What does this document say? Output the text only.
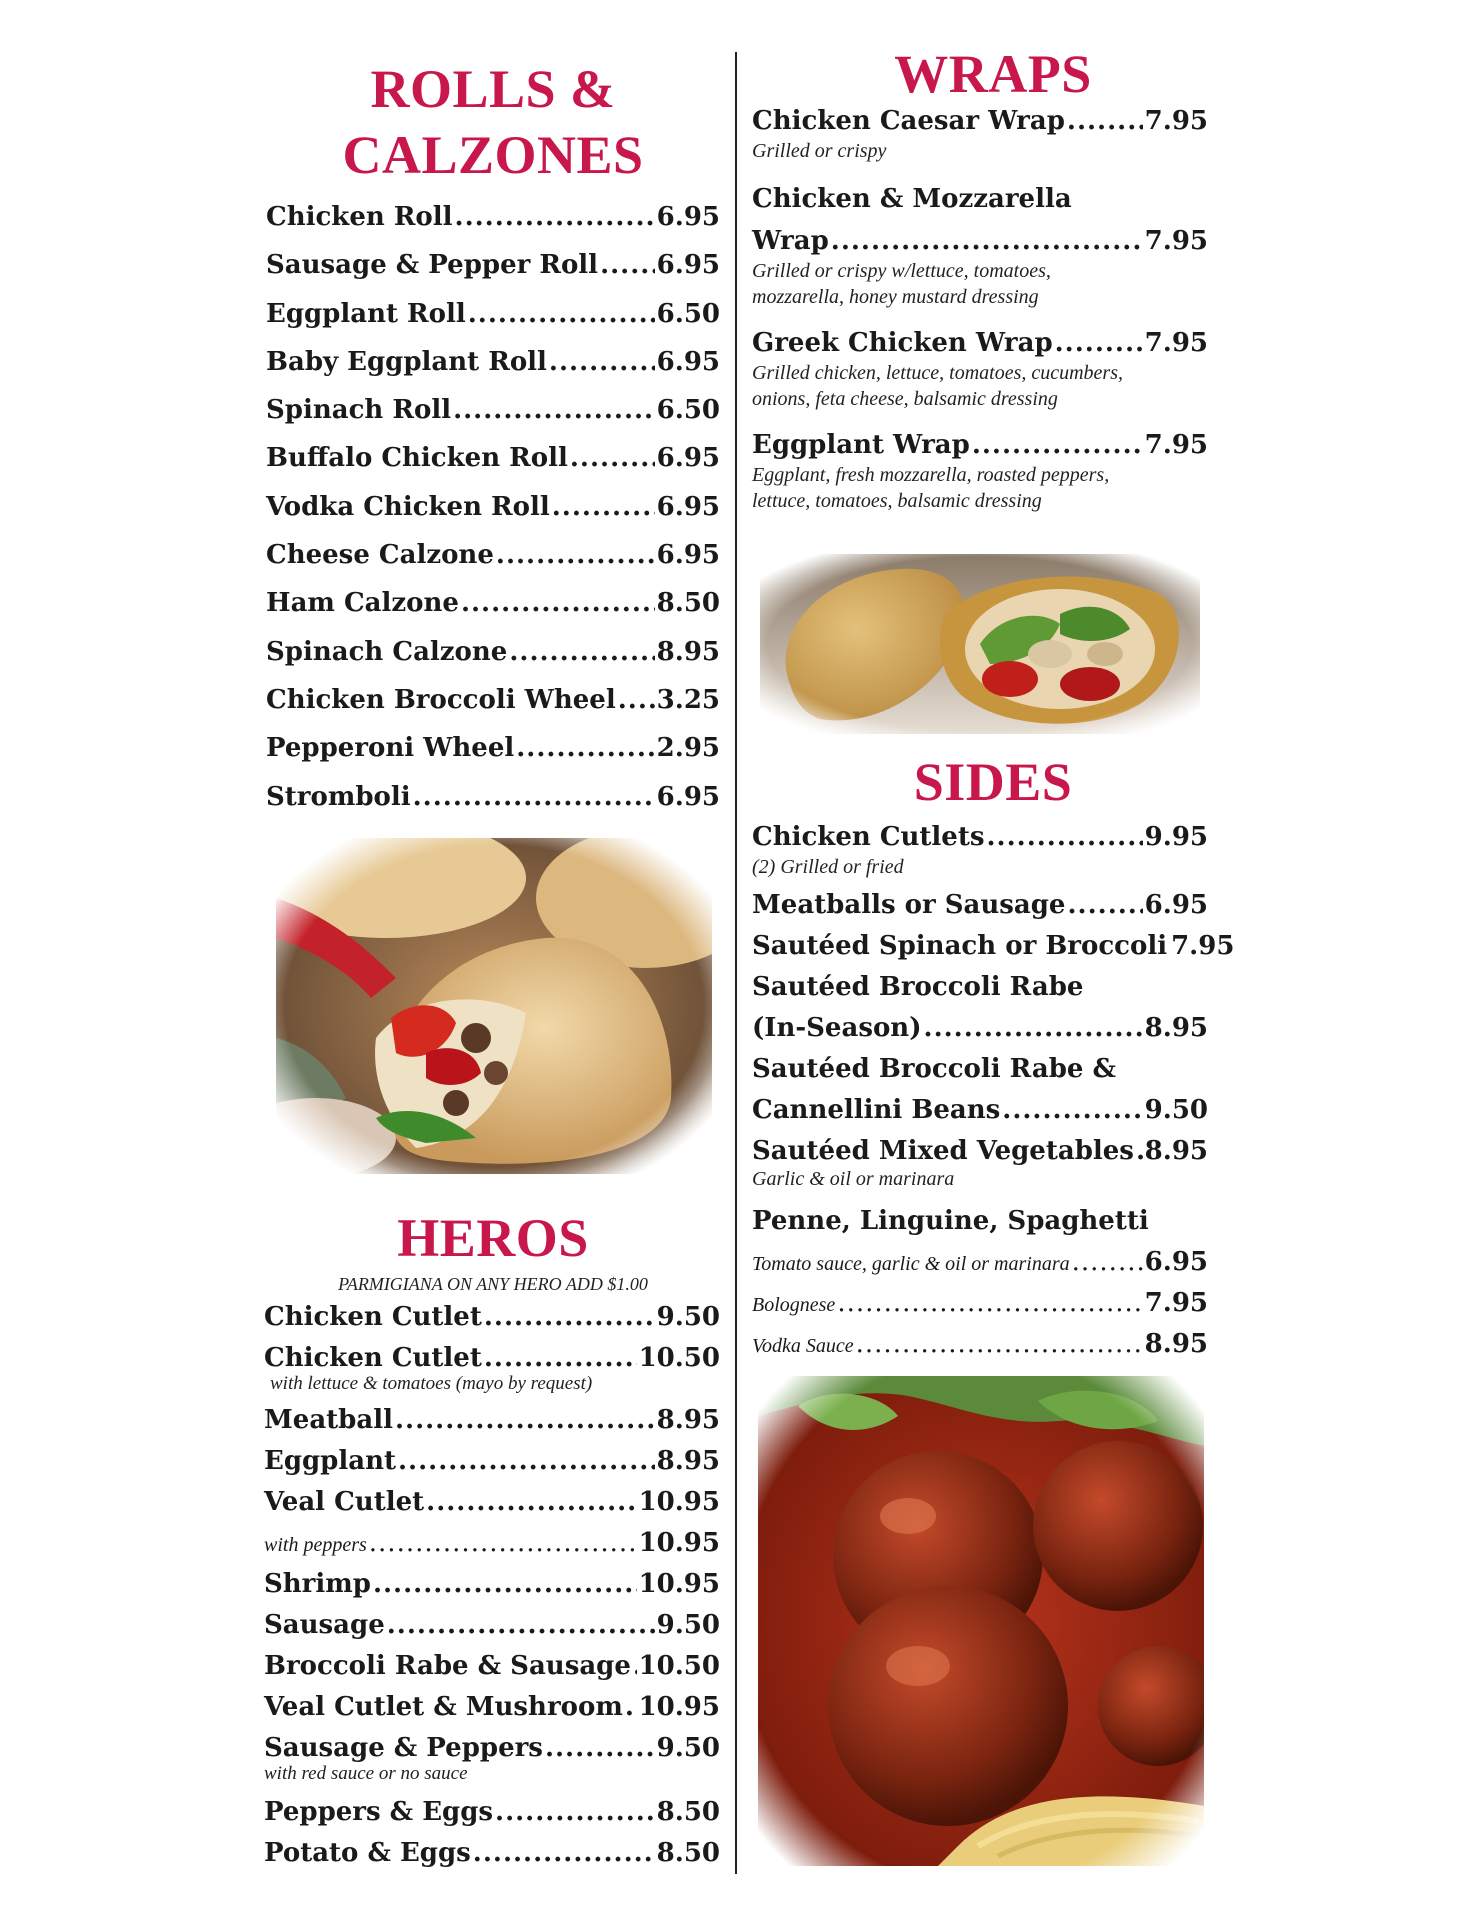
ROLLS &
CALZONES
Chicken Roll .....	6.95
Sausage & Pepper Roll ..... 6.95
Eggplant Roll .....	6.50
Baby Eggplant Roll .....	6.95
Spinach Roll .....	6.50
Buffalo Chicken Roll .....	6.95
Vodka Chicken Roll .....	6.95
Cheese Calzone .....	6.95
Ham Calzone .....	8.50
Spinach Calzone .....	8.95
Chicken Broccoli Wheel ..... 3.25
Pepperoni Wheel .....	2.95
Stromboli .....	6.95
HEROS
PARMIGIANA ON ANY HERO ADD $1.00
Chicken Cutlet .....	9.50
Chicken Cutlet .....	10.50
with lettuce & tomatoes (mayo by request)
Meatball .....	8.95
Eggplant .....	8.95
Veal Cutlet .....	10.95
with peppers .....	10.95
Shrimp .....	10.95
Sausage .....	9.50
Broccoli Rabe & Sausage ..... 10.50
Veal Cutlet & Mushroom ..... 10.95
Sausage & Peppers .....	9.50
with red sauce or no sauce
Peppers & Eggs .....	8.50
Potato & Eggs .....	8.50
WRAPS
Chicken Caesar Wrap .....	7.95
Grilled or crispy
Chicken & Mozzarella
Wrap .....	7.95
Grilled or crispy w/lettuce, tomatoes,
mozzarella, honey mustard dressing
Greek Chicken Wrap .....	7.95
Grilled chicken, lettuce, tomatoes, cucumbers,
onions, feta cheese, balsamic dressing
Eggplant Wrap .....	7.95
Eggplant, fresh mozzarella, roasted peppers,
lettuce, tomatoes, balsamic dressing
SIDES
Chicken Cutlets .....	9.95
(2) Grilled or fried
Meatballs or Sausage .....	6.95
Sautéed Spinach or Broccoli 7.95
Sautéed Broccoli Rabe
(In-Season) .....	8.95
Sautéed Broccoli Rabe &
Cannellini Beans .....	9.50
Sautéed Mixed Vegetables ..... 8.95
Garlic & oil or marinara
Penne, Linguine, Spaghetti
Tomato sauce, garlic & oil or marinara .....	6.95
Bolognese .....	7.95
Vodka Sauce .....	8.95
